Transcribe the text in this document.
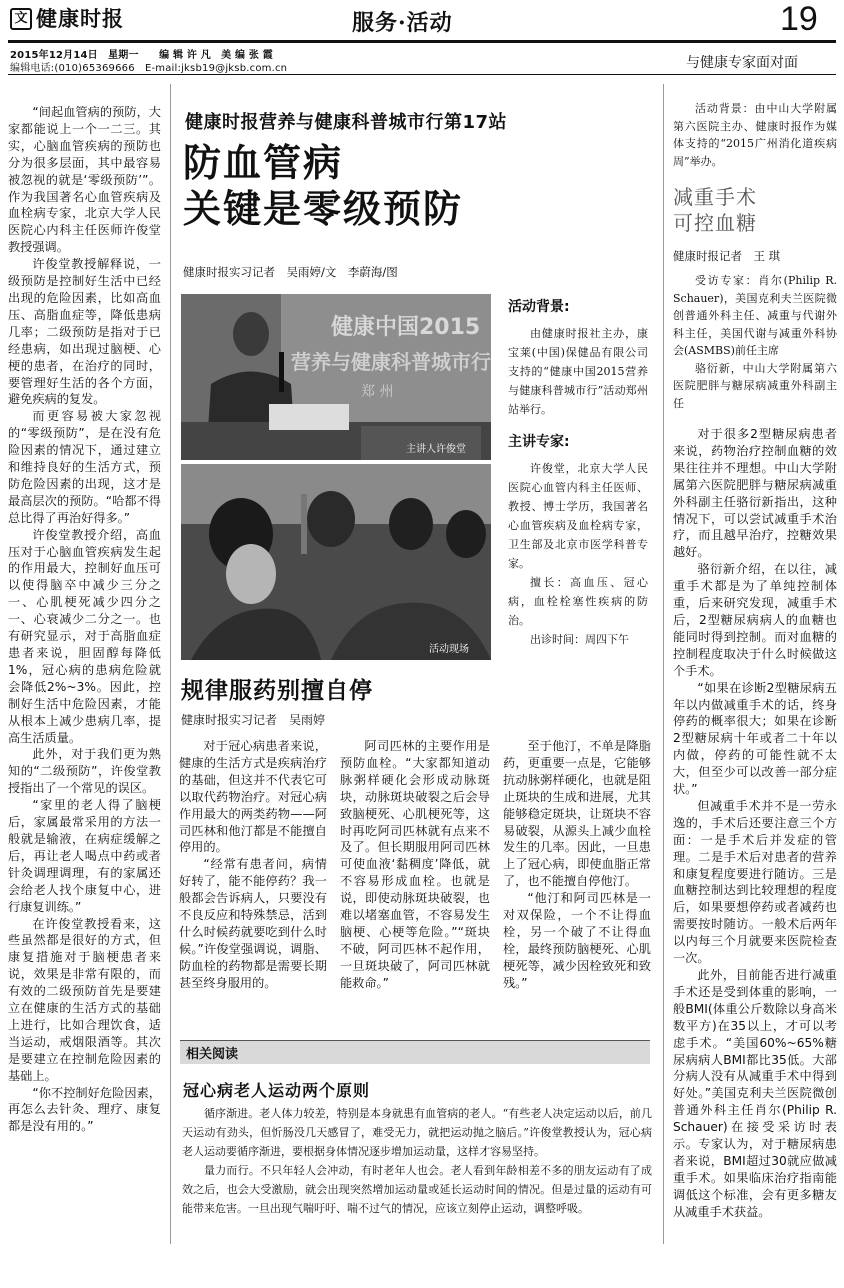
文 健康时报	服务·活动	19
2015年12月14日　星期一　　编 辑 许 凡　美 编 张 霞
编辑电话:(010)65369666　E-mail:jksb19@jksb.com.cn	与健康专家面对面

“间起血管病的预防，大家都能说上一个一二三。其实，心脑血管疾病的预防也分为很多层面，其中最容易被忽视的就是‘零级预防’”。作为我国著名心血管疾病及血栓病专家，北京大学人民医院心内科主任医师许俊堂教授强调。

许俊堂教授解释说，一级预防是控制好生活中已经出现的危险因素，比如高血压、高脂血症等，降低患病几率；二级预防是指对于已经患病，如出现过脑梗、心梗的患者，在治疗的同时，要管理好生活的各个方面，避免疾病的复发。

而更容易被大家忽视的“零级预防”，是在没有危险因素的情况下，通过建立和维持良好的生活方式，预防危险因素的出现，这才是最高层次的预防。“哈都不得总比得了再治好得多。”

许俊堂教授介绍，高血压对于心脑血管疾病发生起的作用最大，控制好血压可以使得脑卒中减少三分之一、心肌梗死减少四分之一、心衰减少二分之一。也有研究显示，对于高脂血症患者来说，胆固醇每降低1%，冠心病的患病危险就会降低2%~3%。因此，控制好生活中危险因素，才能从根本上减少患病几率，提高生活质量。

此外，对于我们更为熟知的“二级预防”，许俊堂教授指出了一个常见的误区。

“家里的老人得了脑梗后，家属最常采用的方法一般就是输液，在病症缓解之后，再让老人喝点中药或者针灸调理调理，有的家属还会给老人找个康复中心，进行康复训练。”

在许俊堂教授看来，这些虽然都是很好的方式，但康复措施对于脑梗患者来说，效果是非常有限的，而有效的二级预防首先是要建立在健康的生活方式的基础上进行，比如合理饮食，适当运动，戒烟限酒等。其次是要建立在控制危险因素的基础上。

“你不控制好危险因素，再怎么去针灸、理疗、康复都是没有用的。”

健康时报营养与健康科普城市行第17站
防血管病
关键是零级预防
健康时报实习记者　吴雨婷/文　李蔚海/图
健康中国2015
营养与健康科普城市行
郑 州
主讲人许俊堂
活动现场
活动背景:

由健康时报社主办，康宝莱(中国)保健品有限公司支持的“健康中国2015营养与健康科普城市行”活动郑州站举行。

主讲专家:

许俊堂，北京大学人民医院心血管内科主任医师、教授、博士学历，我国著名心血管疾病及血栓病专家，卫生部及北京市医学科普专家。

擅长：高血压、冠心病，血栓栓塞性疾病的防治。

出诊时间：周四下午

规律服药别擅自停
健康时报实习记者　吴雨婷

对于冠心病患者来说，健康的生活方式是疾病治疗的基础，但这并不代表它可以取代药物治疗。对冠心病作用最大的两类药物——阿司匹林和他汀都是不能擅自停用的。

“经常有患者问，病情好转了，能不能停药？我一般都会告诉病人，只要没有不良反应和特殊禁忌，活到什么时候药就要吃到什么时候。”许俊堂强调说，调脂、防血栓的药物都是需要长期甚至终身服用的。

阿司匹林的主要作用是预防血栓。“大家都知道动脉粥样硬化会形成动脉斑块，动脉斑块破裂之后会导致脑梗死、心肌梗死等，这时再吃阿司匹林就有点来不及了。但长期服用阿司匹林可使血液‘黏稠度’降低，就不容易形成血栓。也就是说，即使动脉斑块破裂，也难以堵塞血管，不容易发生脑梗、心梗等危险。”“斑块不破，阿司匹林不起作用，一旦斑块破了，阿司匹林就能救命。”

至于他汀，不单是降脂药，更重要一点是，它能够抗动脉粥样硬化，也就是阻止斑块的生成和进展，尤其能够稳定斑块，让斑块不容易破裂，从源头上减少血栓发生的几率。因此，一旦患上了冠心病，即使血脂正常了，也不能擅自停他汀。

“他汀和阿司匹林是一对双保险，一个不让得血栓，另一个破了不让得血栓，最终预防脑梗死、心肌梗死等，减少因栓致死和致残。”

相关阅读
冠心病老人运动两个原则

循序渐进。老人体力较差，特别是本身就患有血管病的老人。“有些老人决定运动以后，前几天运动有劲头，但忻肠没几天感冒了，难受无力，就把运动抛之脑后。”许俊堂教授认为，冠心病老人运动要循序渐进，要根据身体情况逐步增加运动量，这样才容易坚持。

量力而行。不只年轻人会冲动，有时老年人也会。老人看到年龄相差不多的朋友运动有了成效之后，也会大受激励，就会出现突然增加运动量或延长运动时间的情况。但是过量的运动有可能带来危害。一旦出现气喘吁吁、喘不过气的情况，应该立刻停止运动，调整呼吸。

活动背景：由中山大学附属第六医院主办、健康时报作为媒体支持的“2015广州消化道疾病周”举办。

减重手术
可控血糖
健康时报记者　王 琪

受访专家：肖尔(Philip R. Schauer)，美国克利夫兰医院微创普通外科主任、减重与代谢外科主任，美国代谢与减重外科协会(ASMBS)前任主席

骆衍新，中山大学附属第六医院肥胖与糖尿病减重外科副主任

对于很多2型糖尿病患者来说，药物治疗控制血糖的效果往往并不理想。中山大学附属第六医院肥胖与糖尿病减重外科副主任骆衍新指出，这种情况下，可以尝试减重手术治疗，而且越早治疗，控糖效果越好。

骆衍新介绍，在以往，减重手术都是为了单纯控制体重，后来研究发现，减重手术后，2型糖尿病病人的血糖也能同时得到控制。而对血糖的控制程度取决于什么时候做这个手术。

“如果在诊断2型糖尿病五年以内做减重手术的话，终身停药的概率很大；如果在诊断2型糖尿病十年或者二十年以内做，停药的可能性就不太大，但至少可以改善一部分症状。”

但减重手术并不是一劳永逸的，手术后还要注意三个方面：一是手术后并发症的管理。二是手术后对患者的营养和康复程度要进行随访。三是血糖控制达到比较理想的程度后，如果要想停药或者减药也需要按时随访。一般术后两年以内每三个月就要来医院检查一次。

此外，目前能否进行减重手术还是受到体重的影响，一般BMI(体重公斤数除以身高米数平方)在35以上，才可以考虑手术。“美国60%~65%糖尿病病人BMI都比35低。大部分病人没有从减重手术中得到好处。”美国克利夫兰医院微创普通外科主任肖尔(Philip R. Schauer)在接受采访时表示。专家认为，对于糖尿病患者来说，BMI超过30就应做减重手术。如果临床治疗指南能调低这个标准，会有更多糖友从减重手术获益。
